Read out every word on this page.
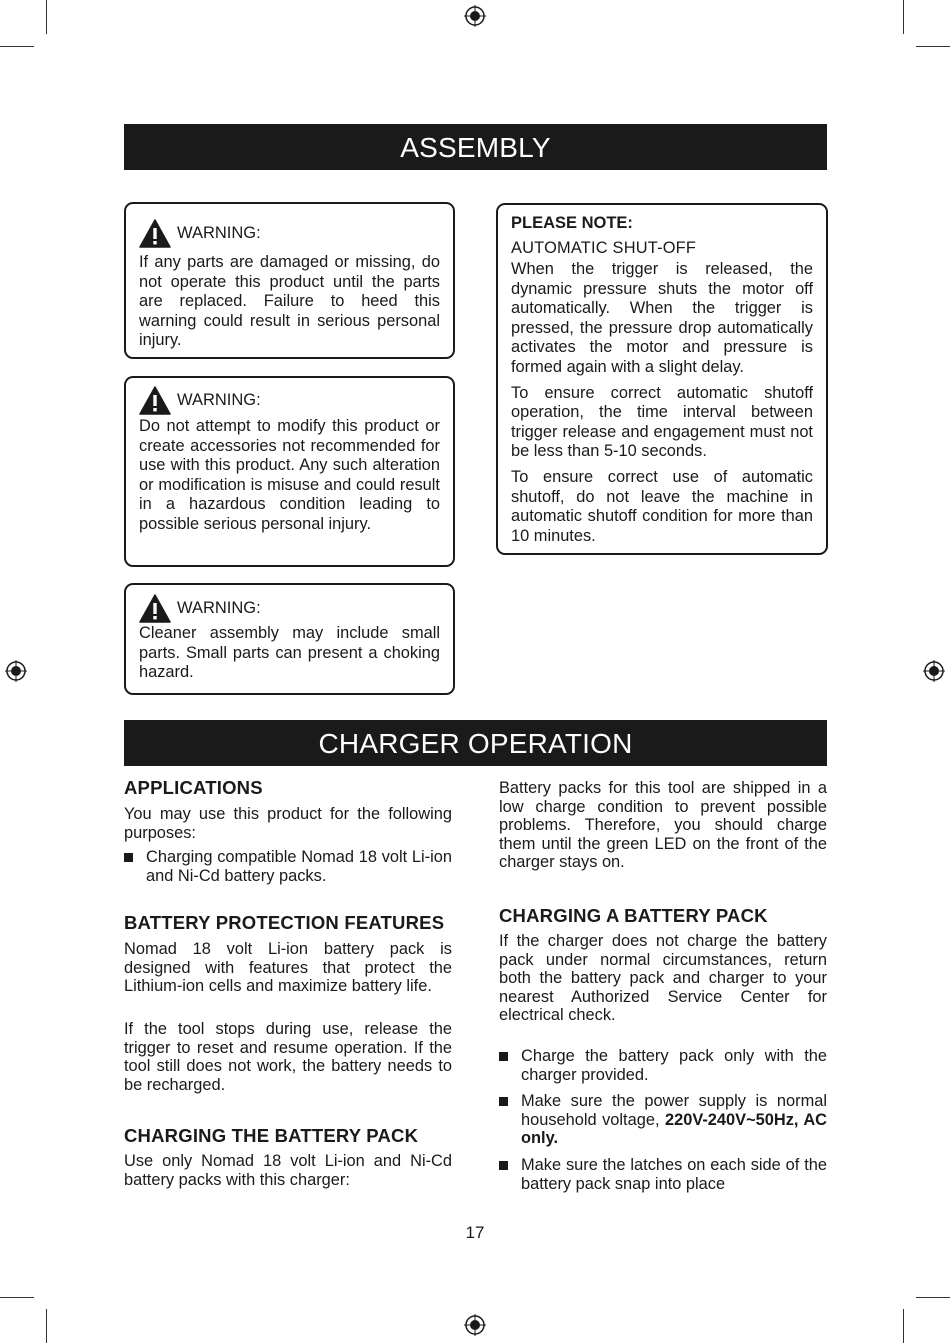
ASSEMBLY
WARNING:

If any parts are damaged or missing, do not operate this product until the parts are replaced. Failure to heed this warning could result in serious personal injury.

WARNING:

Do not attempt to modify this product or create accessories not recommended for use with this product. Any such alteration or modification is misuse and could result in a hazardous condition leading to possible serious personal injury.

WARNING:

Cleaner assembly may include small parts. Small parts can present a choking hazard.

PLEASE NOTE:
AUTOMATIC SHUT-OFF

When the trigger is released, the dynamic pressure shuts the motor off automatically. When the trigger is pressed, the pressure drop automatically activates the motor and pressure is formed again with a slight delay.

To ensure correct automatic shutoff operation, the time interval between trigger release and engagement must not be less than 5-10 seconds.

To ensure correct use of automatic shutoff, do not leave the machine in automatic shutoff condition for more than 10 minutes.

CHARGER OPERATION
APPLICATIONS
You may use this product for the following purposes:
Charging compatible Nomad 18 volt Li-ion and Ni-Cd battery packs.
BATTERY PROTECTION FEATURES
Nomad 18 volt Li-ion battery pack is designed with features that protect the Lithium-ion cells and maximize battery life.
If the tool stops during use, release the trigger to reset and resume operation. If the tool still does not work, the battery needs to be recharged.
CHARGING THE BATTERY PACK
Use only Nomad 18 volt Li-ion and Ni-Cd battery packs with this charger:
Battery packs for this tool are shipped in a low charge condition to prevent possible problems. Therefore, you should charge them until the green LED on the front of the charger stays on.
CHARGING A BATTERY PACK
If the charger does not charge the battery pack under normal circumstances, return both the battery pack and charger to your nearest Authorized Service Center for electrical check.
Charge the battery pack only with the charger provided.
Make sure the power supply is normal household voltage, 220V-240V~50Hz, AC only.
Make sure the latches on each side of the battery pack snap into place
17
